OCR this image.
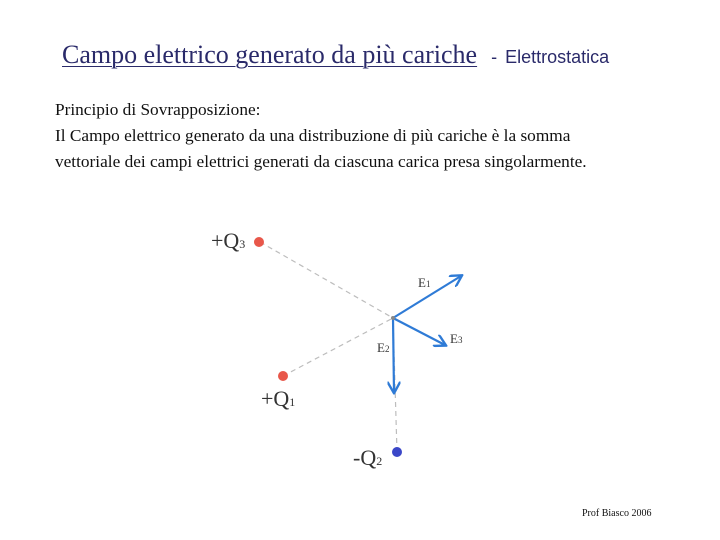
Campo elettrico generato da più cariche - Elettrostatica
Principio di Sovrapposizione:
Il Campo elettrico generato da una distribuzione di più cariche è la somma
vettoriale dei campi elettrici generati da ciascuna carica presa singolarmente.
+Q3
+Q1
-Q2
E1
E2
E3
Prof Biasco 2006
